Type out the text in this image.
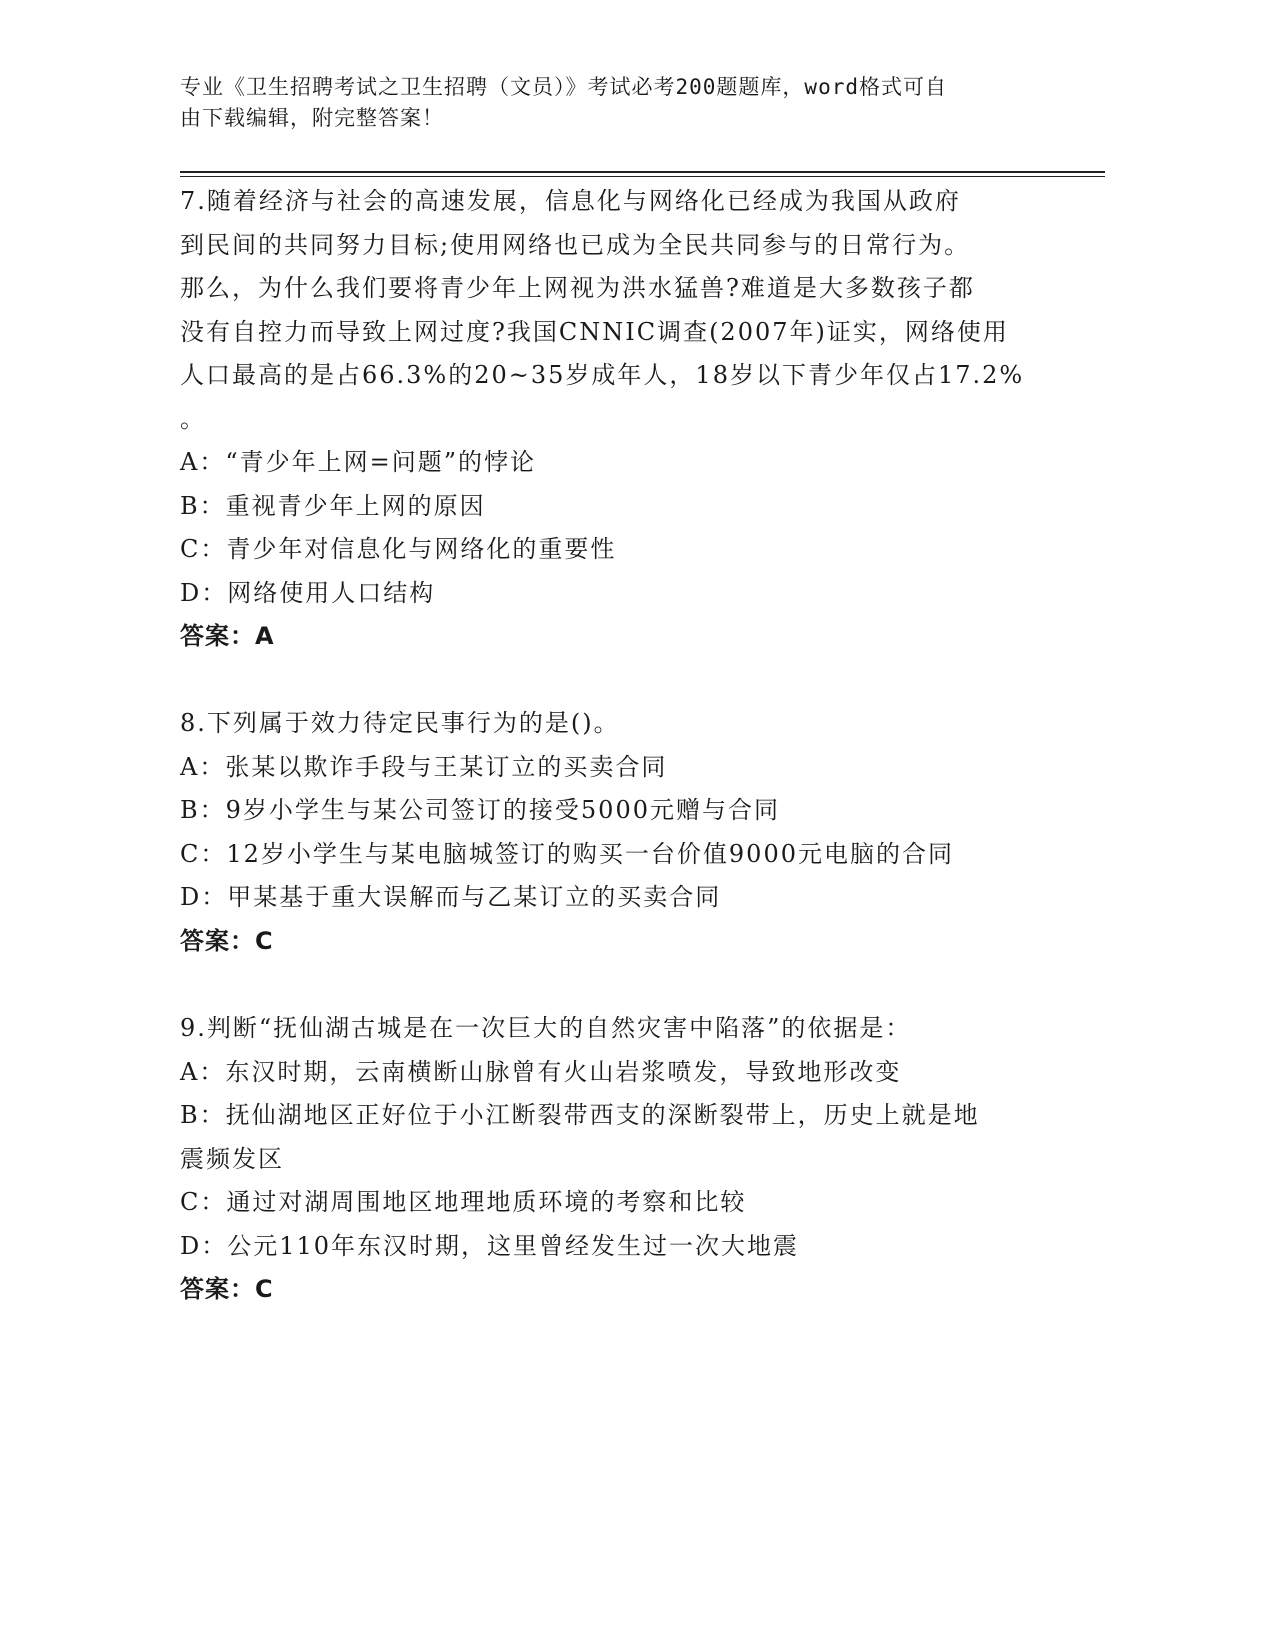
专业《卫生招聘考试之卫生招聘（文员）》考试必考200题题库，word格式可自
由下载编辑，附完整答案！

7.随着经济与社会的高速发展，信息化与网络化已经成为我国从政府
到民间的共同努力目标;使用网络也已成为全民共同参与的日常行为。
那么，为什么我们要将青少年上网视为洪水猛兽?难道是大多数孩子都
没有自控力而导致上网过度?我国CNNIC调查(2007年)证实，网络使用
人口最高的是占66.3%的20~35岁成年人，18岁以下青少年仅占17.2%
。

A：“青少年上网=问题”的悖论

B：重视青少年上网的原因

C：青少年对信息化与网络化的重要性

D：网络使用人口结构

答案：A

8.下列属于效力待定民事行为的是()。

A：张某以欺诈手段与王某订立的买卖合同

B：9岁小学生与某公司签订的接受5000元赠与合同

C：12岁小学生与某电脑城签订的购买一台价值9000元电脑的合同

D：甲某基于重大误解而与乙某订立的买卖合同

答案：C

9.判断“抚仙湖古城是在一次巨大的自然灾害中陷落”的依据是：

A：东汉时期，云南横断山脉曾有火山岩浆喷发，导致地形改变

B：抚仙湖地区正好位于小江断裂带西支的深断裂带上，历史上就是地
震频发区

C：通过对湖周围地区地理地质环境的考察和比较

D：公元110年东汉时期，这里曾经发生过一次大地震

答案：C
